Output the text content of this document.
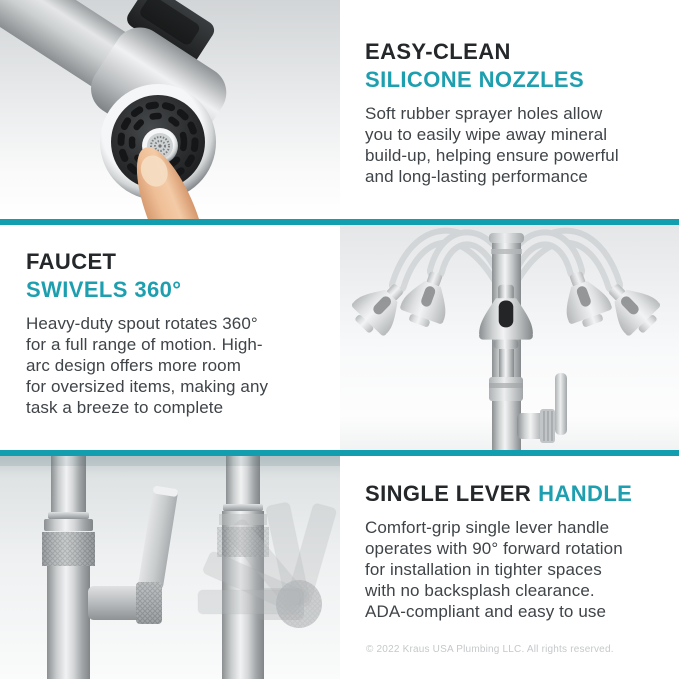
EASY-CLEAN
SILICONE NOZZLES
Soft rubber sprayer holes allow
you to easily wipe away mineral
build-up, helping ensure powerful
and long-lasting performance
FAUCET
SWIVELS 360°
Heavy-duty spout rotates 360°
for a full range of motion. High-
arc design offers more room
for oversized items, making any
task a breeze to complete
SINGLE LEVER HANDLE
Comfort-grip single lever handle
operates with 90° forward rotation
for installation in tighter spaces
with no backsplash clearance.
ADA-compliant and easy to use
© 2022 Kraus USA Plumbing LLC. All rights reserved.
